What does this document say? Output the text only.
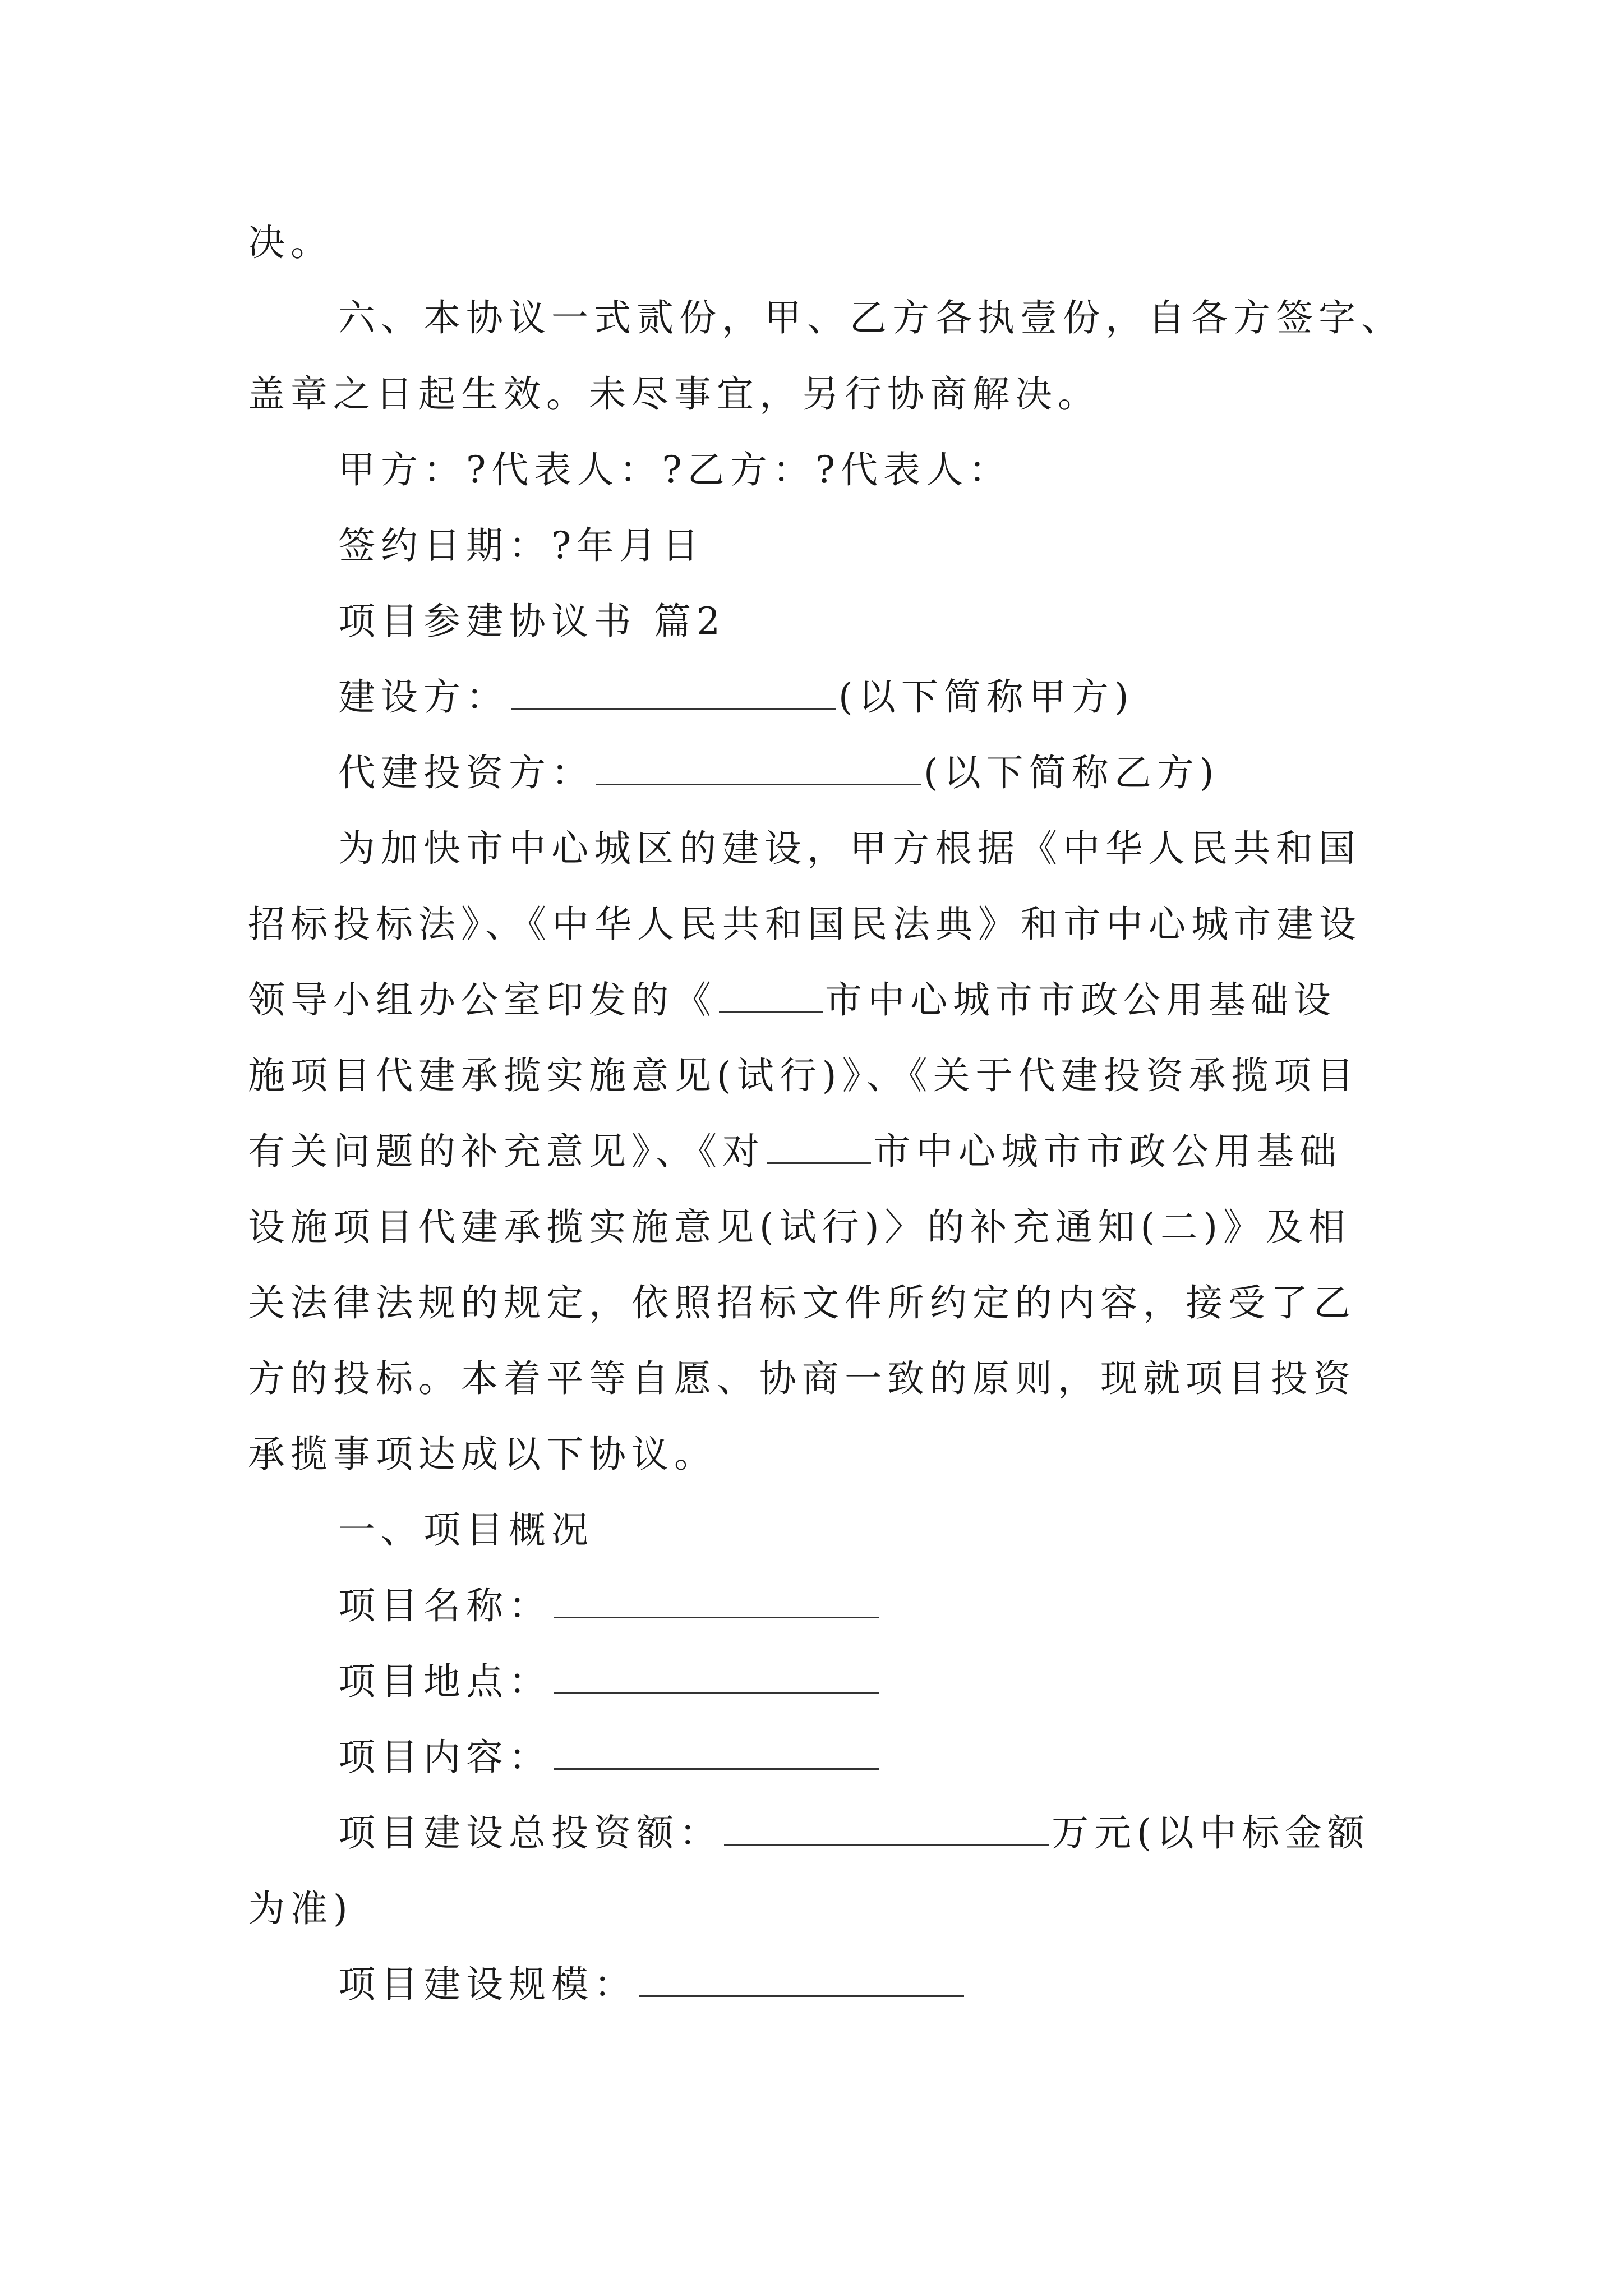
决。
六、本协议一式贰份，甲、乙方各执壹份，自各方签字、
盖章之日起生效。未尽事宜，另行协商解决。
甲方：?代表人：?乙方：?代表人：
签约日期：?年月日
项目参建协议书 篇2
建设方：	(以下简称甲方)
代建投资方：	(以下简称乙方)
为加快市中心城区的建设，甲方根据《中华人民共和国
招标投标法》、《中华人民共和国民法典》和市中心城市建设
领导小组办公室印发的《	市中心城市市政公用基础设
施项目代建承揽实施意见(试行)》、《关于代建投资承揽项目
有关问题的补充意见》、《对	市中心城市市政公用基础
设施项目代建承揽实施意见(试行)〉的补充通知(二)》及相
关法律法规的规定，依照招标文件所约定的内容，接受了乙
方的投标。本着平等自愿、协商一致的原则，现就项目投资
承揽事项达成以下协议。
一、项目概况
项目名称：
项目地点：
项目内容：
项目建设总投资额：	万元(以中标金额
为准)
项目建设规模：
